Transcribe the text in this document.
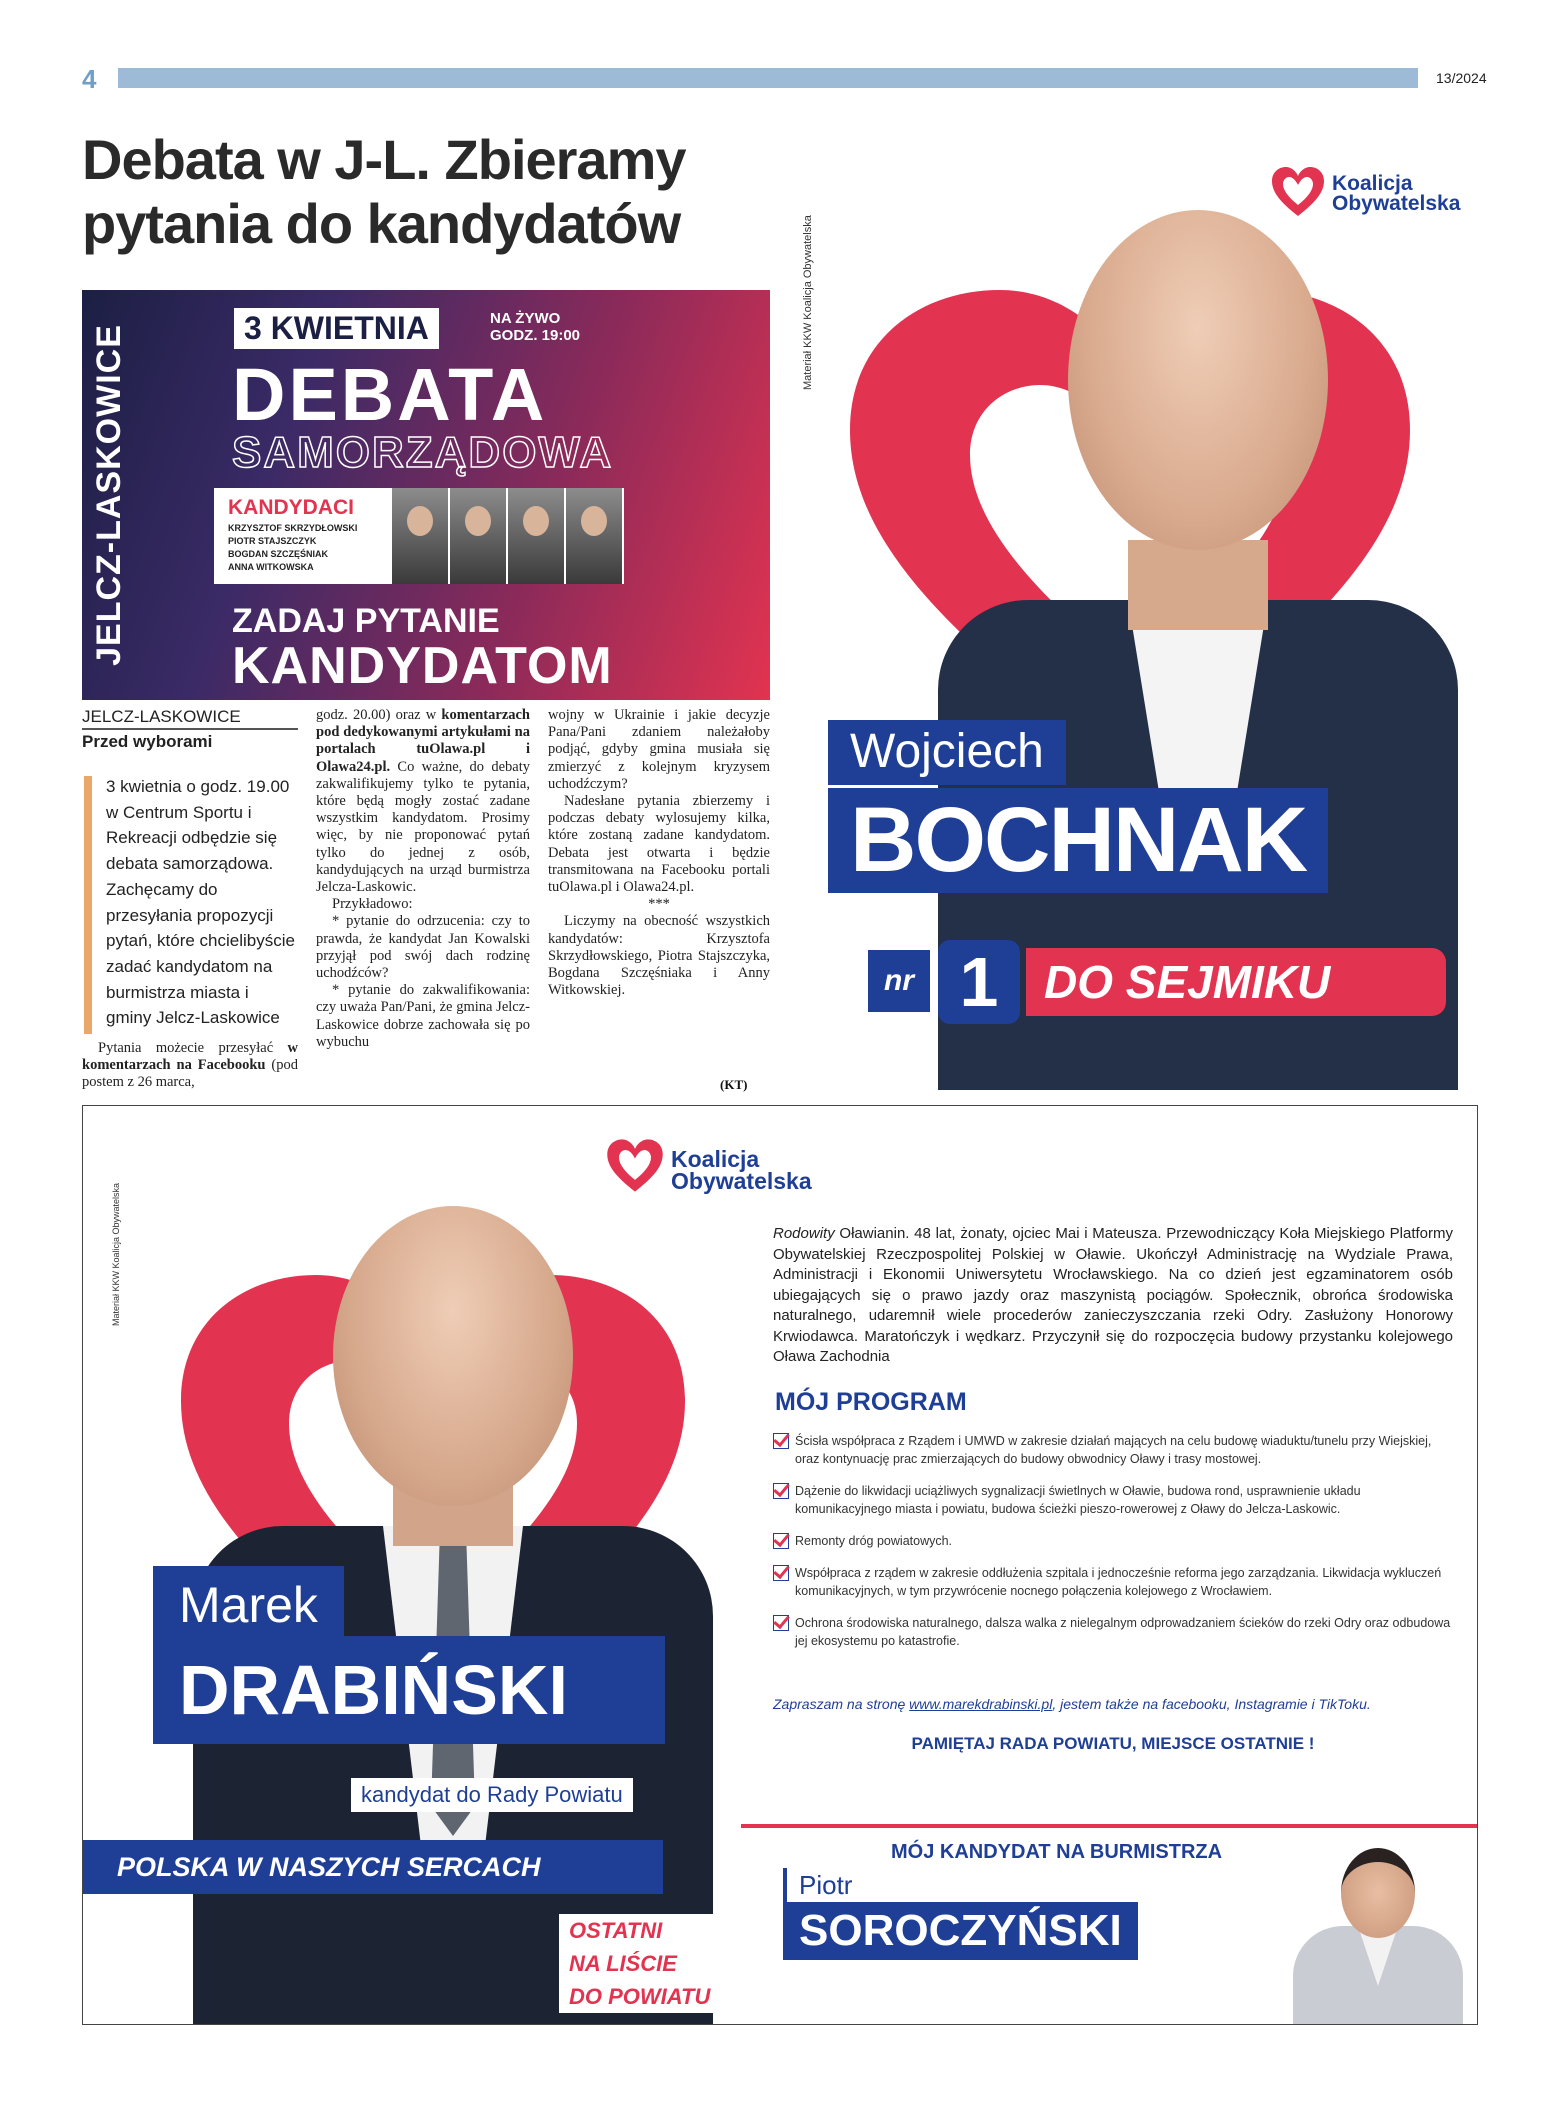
4	13/2024
Debata w J-L. Zbieramy pytania do kandydatów
JELCZ-LASKOWICE	3 KWIETNIA	NA ŻYWO
GODZ. 19:00
DEBATA
SAMORZĄDOWA
KANDYDACI
KRZYSZTOF SKRZYDŁOWSKI
PIOTR STAJSZCZYK
BOGDAN SZCZĘŚNIAK
ANNA WITKOWSKA
ZADAJ PYTANIE
KANDYDATOM
JELCZ-LASKOWICE
Przed wyborami
3 kwietnia o godz. 19.00 w Centrum Sportu i Rekreacji odbędzie się debata samorządowa. Zachęcamy do przesyłania propozycji pytań, które chcielibyście zadać kandydatom na burmistrza miasta i gminy Jelcz-Laskowice

Pytania możecie przesyłać w komentarzach na Facebooku (pod postem z 26 marca,

godz. 20.00) oraz w komentarzach pod dedykowanymi artykułami na portalach tuOlawa.pl i Olawa24.pl. Co ważne, do debaty zakwalifikujemy tylko te pytania, które będą mogły zostać zadane wszystkim kandydatom. Prosimy więc, by nie proponować pytań tylko do jednej z osób, kandydujących na urząd burmistrza Jelcza-Laskowic.

Przykładowo:

* pytanie do odrzucenia: czy to prawda, że kandydat Jan Kowalski przyjął pod swój dach rodzinę uchodźców?

* pytanie do zakwalifikowania: czy uważa Pan/Pani, że gmina Jelcz-Laskowice dobrze zachowała się po wybuchu

wojny w Ukrainie i jakie decyzje Pana/Pani zdaniem należałoby podjąć, gdyby gmina musiała się zmierzyć z kolejnym kryzysem uchodźczym?

Nadesłane pytania zbierzemy i podczas debaty wylosujemy kilka, które zostaną zadane kandydatom. Debata jest otwarta i będzie transmitowana na Facebooku portali tuOlawa.pl i Olawa24.pl.

***

Liczymy na obecność wszystkich kandydatów: Krzysztofa Skrzydłowskiego, Piotra Stajszczyka, Bogdana Szczęśniaka i Anny Witkowskiej.

(KT)
Materiał KKW Koalicja Obywatelska
Koalicja
Obywatelska
Wojciech
BOCHNAK
nr 1 DO SEJMIKU
Materiał KKW Koalicja Obywatelska
Koalicja
Obywatelska
Marek
DRABIŃSKI
kandydat do Rady Powiatu
POLSKA W NASZYCH SERCACH
OSTATNI
NA LIŚCIE
DO POWIATU
Rodowity Oławianin. 48 lat, żonaty, ojciec Mai i Mateusza. Przewodniczący Koła Miejskiego Platformy Obywatelskiej Rzeczpospolitej Polskiej w Oławie. Ukończył Administrację na Wydziale Prawa, Administracji i Ekonomii Uniwersytetu Wrocławskiego. Na co dzień jest egzaminatorem osób ubiegających się o prawo jazdy oraz maszynistą pociągów. Społecznik, obrońca środowiska naturalnego, udaremnił wiele procederów zanieczyszczania rzeki Odry. Zasłużony Honorowy Krwiodawca. Maratończyk i wędkarz. Przyczynił się do rozpoczęcia budowy przystanku kolejowego Oława Zachodnia
MÓJ PROGRAM
Ścisła współpraca z Rządem i UMWD w zakresie działań mających na celu budowę wiaduktu/tunelu przy Wiejskiej, oraz kontynuację prac zmierzających do budowy obwodnicy Oławy i trasy mostowej.
Dążenie do likwidacji uciążliwych sygnalizacji świetlnych w Oławie, budowa rond, usprawnienie układu komunikacyjnego miasta i powiatu, budowa ścieżki pieszo-rowerowej z Oławy do Jelcza-Laskowic.
Remonty dróg powiatowych.
Współpraca z rządem w zakresie oddłużenia szpitala i jednocześnie reforma jego zarządzania. Likwidacja wykluczeń komunikacyjnych, w tym przywrócenie nocnego połączenia kolejowego z Wrocławiem.
Ochrona środowiska naturalnego, dalsza walka z nielegalnym odprowadzaniem ścieków do rzeki Odry oraz odbudowa jej ekosystemu po katastrofie.
Zapraszam na stronę www.marekdrabinski.pl, jestem także na facebooku, Instagramie i TikToku.
PAMIĘTAJ RADA POWIATU, MIEJSCE OSTATNIE !
MÓJ KANDYDAT NA BURMISTRZA
Piotr
SOROCZYŃSKI
